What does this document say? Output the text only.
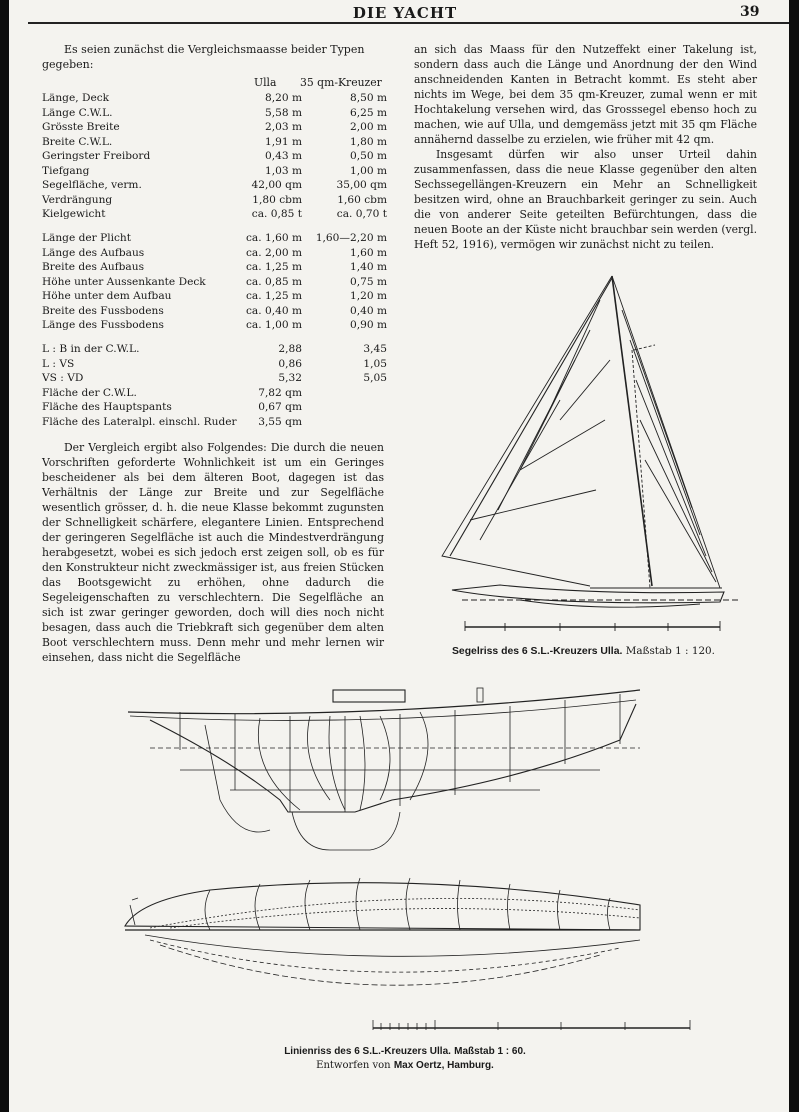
DIE YACHT	39
Es seien zunächst die Vergleichsmaasse beider Typen
gegeben:
Ulla 35 qm-Kreuzer
Länge, Deck	8,20 m	8,50 m
Länge C.W.L.	5,58 m	6,25 m
Grösste Breite	2,03 m	2,00 m
Breite C.W.L.	1,91 m	1,80 m
Geringster Freibord	0,43 m	0,50 m
Tiefgang	1,03 m	1,00 m
Segelfläche, verm.	42,00 qm	35,00 qm
Verdrängung	1,80 cbm	1,60 cbm
Kielgewicht	ca. 0,85 t	ca. 0,70 t
Länge der Plicht	ca. 1,60 m	1,60—2,20 m
Länge des Aufbaus	ca. 2,00 m	1,60 m
Breite des Aufbaus	ca. 1,25 m	1,40 m
Höhe unter Aussenkante Deck	ca. 0,85 m	0,75 m
Höhe unter dem Aufbau	ca. 1,25 m	1,20 m
Breite des Fussbodens	ca. 0,40 m	0,40 m
Länge des Fussbodens	ca. 1,00 m	0,90 m
L : B in der C.W.L.	2,88	3,45
L : VS	0,86	1,05
VS : VD	5,32	5,05
Fläche der C.W.L.	7,82 qm
Fläche des Hauptspants	0,67 qm
Fläche des Lateralpl. einschl. Ruder	3,55 qm

Der Vergleich ergibt also Folgendes: Die durch die neuen Vorschriften geforderte Wohnlichkeit ist um ein Geringes bescheidener als bei dem älteren Boot, dagegen ist das Verhältnis der Länge zur Breite und zur Segelfläche wesentlich grösser, d. h. die neue Klasse bekommt zugunsten der Schnelligkeit schärfere, elegantere Linien. Entsprechend der geringeren Segelfläche ist auch die Mindestverdrängung herabgesetzt, wobei es sich jedoch erst zeigen soll, ob es für den Konstrukteur nicht zweckmässiger ist, aus freien Stücken das Bootsgewicht zu erhöhen, ohne dadurch die Segeleigenschaften zu verschlechtern. Die Segelfläche an sich ist zwar geringer geworden, doch will dies noch nicht besagen, dass auch die Triebkraft sich gegenüber dem alten Boot verschlechtern muss. Denn mehr und mehr lernen wir einsehen, dass nicht die Segelfläche

an sich das Maass für den Nutzeffekt einer Takelung ist, sondern dass auch die Länge und Anordnung der den Wind anschneidenden Kanten in Betracht kommt. Es steht aber nichts im Wege, bei dem 35 qm-Kreuzer, zumal wenn er mit Hochtakelung versehen wird, das Grosssegel ebenso hoch zu machen, wie auf Ulla, und demgemäss jetzt mit 35 qm Fläche annähernd dasselbe zu erzielen, wie früher mit 42 qm.

Insgesamt dürfen wir also unser Urteil dahin zusammenfassen, dass die neue Klasse gegenüber den alten Sechssegellängen-Kreuzern ein Mehr an Schnelligkeit besitzen wird, ohne an Brauchbarkeit geringer zu sein. Auch die von anderer Seite geteilten Befürchtungen, dass die neuen Boote an der Küste nicht brauchbar sein werden (vergl. Heft 52, 1916), vermögen wir zunächst nicht zu teilen.

Segelriss des 6 S.L.-Kreuzers Ulla. Maßstab 1 : 120.
Linienriss des 6 S.L.-Kreuzers Ulla. Maßstab 1 : 60.
Entworfen von Max Oertz, Hamburg.
